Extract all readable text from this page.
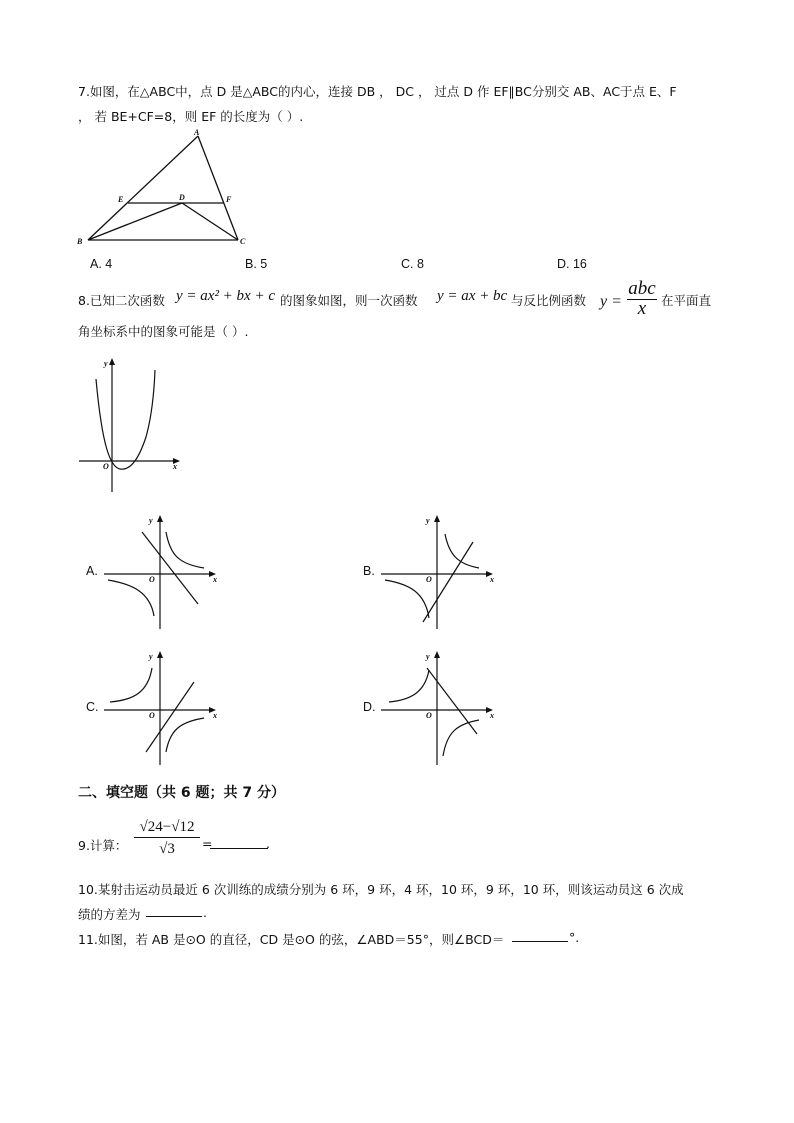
7.如图，在△ABC中，点 D 是△ABC的内心，连接 DB ， DC ， 过点 D 作 EF∥BC分别交 AB、AC于点 E、F
， 若 BE+CF=8，则 EF 的长度为（ ）.
A
B	C
D
E	F
A. 4	B. 5	C. 8	D. 16
8.已知二次函数 y = ax² + bx + c 的图象如图，则一次函数 y = ax + bc 与反比例函数 y =
abc
x	在平面直
角坐标系中的图象可能是（ ）.
x
y
O
A.
x
y
O
B.
x
y
O
C.
x
y
O
D.
x
y
O
二、填空题（共 6 题；共 7 分）
9.计算：
√24−√12
√3	=	.
10.某射击运动员最近 6 次训练的成绩分别为 6 环，9 环，4 环，10 环，9 环，10 环，则该运动员这 6 次成
绩的方差为	.
11.如图，若 AB 是⊙O 的直径，CD 是⊙O 的弦，∠ABD＝55°，则∠BCD＝	°.
